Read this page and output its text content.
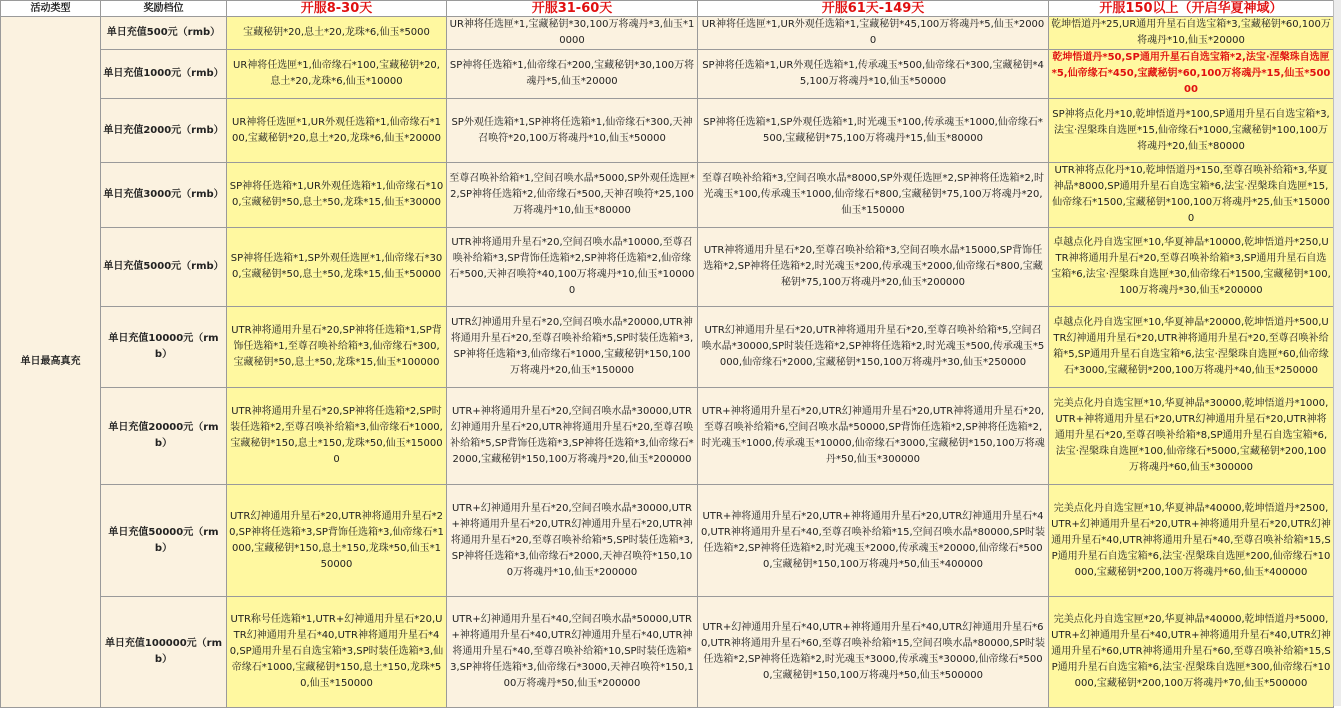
活动类型	奖励档位	开服8-30天	开服31-60天	开服61天-149天	开服150以上（开启华夏神域）
单日最高真充	单日充值500元（rmb）	宝藏秘钥*20,息土*20,龙珠*6,仙玉*5000	UR神将任选匣*1,宝藏秘钥*30,100万将魂丹*3,仙玉*10000	UR神将任选匣*1,UR外观任选箱*1,宝藏秘钥*45,100万将魂丹*5,仙玉*20000	乾坤悟道丹*25,UR通用升星石自选宝箱*3,宝藏秘钥*60,100万将魂丹*10,仙玉*20000
	单日充值1000元（rmb）	UR神将任选匣*1,仙帝缘石*100,宝藏秘钥*20,息土*20,龙珠*6,仙玉*10000	SP神将任选箱*1,仙帝缘石*200,宝藏秘钥*30,100万将魂丹*5,仙玉*20000	SP神将任选箱*1,UR外观任选箱*1,传承魂玉*500,仙帝缘石*300,宝藏秘钥*45,100万将魂丹*10,仙玉*50000	乾坤悟道丹*50,SP通用升星石自选宝箱*2,法宝·涅槃珠自选匣*5,仙帝缘石*450,宝藏秘钥*60,100万将魂丹*15,仙玉*50000
	单日充值2000元（rmb）	UR神将任选匣*1,UR外观任选箱*1,仙帝缘石*100,宝藏秘钥*20,息土*20,龙珠*6,仙玉*20000	SP外观任选箱*1,SP神将任选箱*1,仙帝缘石*300,天神召唤符*20,100万将魂丹*10,仙玉*50000	SP神将任选箱*1,SP外观任选箱*1,时光魂玉*100,传承魂玉*1000,仙帝缘石*500,宝藏秘钥*75,100万将魂丹*15,仙玉*80000	SP神将点化丹*10,乾坤悟道丹*100,SP通用升星石自选宝箱*3,法宝·涅槃珠自选匣*15,仙帝缘石*1000,宝藏秘钥*100,100万将魂丹*20,仙玉*80000
	单日充值3000元（rmb）	SP神将任选箱*1,UR外观任选箱*1,仙帝缘石*100,宝藏秘钥*50,息土*50,龙珠*15,仙玉*30000	至尊召唤补给箱*1,空间召唤水晶*5000,SP外观任选匣*2,SP神将任选箱*2,仙帝缘石*500,天神召唤符*25,100万将魂丹*10,仙玉*80000	至尊召唤补给箱*3,空间召唤水晶*8000,SP外观任选匣*2,SP神将任选箱*2,时光魂玉*100,传承魂玉*1000,仙帝缘石*800,宝藏秘钥*75,100万将魂丹*20,仙玉*150000	UTR神将点化丹*10,乾坤悟道丹*150,至尊召唤补给箱*3,华夏神晶*8000,SP通用升星石自选宝箱*6,法宝·涅槃珠自选匣*15,仙帝缘石*1500,宝藏秘钥*100,100万将魂丹*25,仙玉*150000
	单日充值5000元（rmb）	SP神将任选箱*1,SP外观任选匣*1,仙帝缘石*300,宝藏秘钥*50,息土*50,龙珠*15,仙玉*50000	UTR神将通用升星石*20,空间召唤水晶*10000,至尊召唤补给箱*3,SP背饰任选箱*2,SP神将任选箱*2,仙帝缘石*500,天神召唤符*40,100万将魂丹*10,仙玉*100000	UTR神将通用升星石*20,至尊召唤补给箱*3,空间召唤水晶*15000,SP背饰任选箱*2,SP神将任选箱*2,时光魂玉*200,传承魂玉*2000,仙帝缘石*800,宝藏秘钥*75,100万将魂丹*20,仙玉*200000	卓越点化丹自选宝匣*10,华夏神晶*10000,乾坤悟道丹*250,UTR神将通用升星石*20,至尊召唤补给箱*3,SP通用升星石自选宝箱*6,法宝·涅槃珠自选匣*30,仙帝缘石*1500,宝藏秘钥*100,100万将魂丹*30,仙玉*200000
	单日充值10000元（rmb）	UTR神将通用升星石*20,SP神将任选箱*1,SP背饰任选箱*1,至尊召唤补给箱*3,仙帝缘石*300,宝藏秘钥*50,息土*50,龙珠*15,仙玉*100000	UTR幻神通用升星石*20,空间召唤水晶*20000,UTR神将通用升星石*20,至尊召唤补给箱*5,SP时装任选箱*3,SP神将任选箱*3,仙帝缘石*1000,宝藏秘钥*150,100万将魂丹*20,仙玉*150000	UTR幻神通用升星石*20,UTR神将通用升星石*20,至尊召唤补给箱*5,空间召唤水晶*30000,SP时装任选箱*2,SP神将任选箱*2,时光魂玉*500,传承魂玉*5000,仙帝缘石*2000,宝藏秘钥*150,100万将魂丹*30,仙玉*250000	卓越点化丹自选宝匣*10,华夏神晶*20000,乾坤悟道丹*500,UTR幻神通用升星石*20,UTR神将通用升星石*20,至尊召唤补给箱*5,SP通用升星石自选宝箱*6,法宝·涅槃珠自选匣*60,仙帝缘石*3000,宝藏秘钥*200,100万将魂丹*40,仙玉*250000
	单日充值20000元（rmb）	UTR神将通用升星石*20,SP神将任选箱*2,SP时装任选箱*2,至尊召唤补给箱*3,仙帝缘石*1000,宝藏秘钥*150,息土*150,龙珠*50,仙玉*150000	UTR+神将通用升星石*20,空间召唤水晶*30000,UTR幻神通用升星石*20,UTR神将通用升星石*20,至尊召唤补给箱*5,SP背饰任选箱*3,SP神将任选箱*3,仙帝缘石*2000,宝藏秘钥*150,100万将魂丹*20,仙玉*200000	UTR+神将通用升星石*20,UTR幻神通用升星石*20,UTR神将通用升星石*20,至尊召唤补给箱*6,空间召唤水晶*50000,SP背饰任选箱*2,SP神将任选箱*2,时光魂玉*1000,传承魂玉*10000,仙帝缘石*3000,宝藏秘钥*150,100万将魂丹*50,仙玉*300000	完美点化丹自选宝匣*10,华夏神晶*30000,乾坤悟道丹*1000,UTR+神将通用升星石*20,UTR幻神通用升星石*20,UTR神将通用升星石*20,至尊召唤补给箱*8,SP通用升星石自选宝箱*6,法宝·涅槃珠自选匣*100,仙帝缘石*5000,宝藏秘钥*200,100万将魂丹*60,仙玉*300000
	单日充值50000元（rmb）	UTR幻神通用升星石*20,UTR神将通用升星石*20,SP神将任选箱*3,SP背饰任选箱*3,仙帝缘石*1000,宝藏秘钥*150,息土*150,龙珠*50,仙玉*150000	UTR+幻神通用升星石*20,空间召唤水晶*30000,UTR+神将通用升星石*20,UTR幻神通用升星石*20,UTR神将通用升星石*20,至尊召唤补给箱*5,SP时装任选箱*3,SP神将任选箱*3,仙帝缘石*2000,天神召唤符*150,100万将魂丹*10,仙玉*200000	UTR+神将通用升星石*20,UTR+神将通用升星石*20,UTR幻神通用升星石*40,UTR神将通用升星石*40,至尊召唤补给箱*15,空间召唤水晶*80000,SP时装任选箱*2,SP神将任选箱*2,时光魂玉*2000,传承魂玉*20000,仙帝缘石*5000,宝藏秘钥*150,100万将魂丹*50,仙玉*400000	完美点化丹自选宝匣*10,华夏神晶*40000,乾坤悟道丹*2500,UTR+幻神通用升星石*20,UTR+神将通用升星石*20,UTR幻神通用升星石*40,UTR神将通用升星石*40,至尊召唤补给箱*15,SP通用升星石自选宝箱*6,法宝·涅槃珠自选匣*200,仙帝缘石*10000,宝藏秘钥*200,100万将魂丹*60,仙玉*400000
	单日充值100000元（rmb）	UTR称号任选箱*1,UTR+幻神通用升星石*20,UTR幻神通用升星石*40,UTR神将通用升星石*40,SP通用升星石自选宝箱*3,SP时装任选箱*3,仙帝缘石*1000,宝藏秘钥*150,息土*150,龙珠*50,仙玉*150000	UTR+幻神通用升星石*40,空间召唤水晶*50000,UTR+神将通用升星石*40,UTR幻神通用升星石*40,UTR神将通用升星石*40,至尊召唤补给箱*10,SP时装任选箱*3,SP神将任选箱*3,仙帝缘石*3000,天神召唤符*150,100万将魂丹*50,仙玉*200000	UTR+幻神通用升星石*40,UTR+神将通用升星石*40,UTR幻神通用升星石*60,UTR神将通用升星石*60,至尊召唤补给箱*15,空间召唤水晶*80000,SP时装任选箱*2,SP神将任选箱*2,时光魂玉*3000,传承魂玉*30000,仙帝缘石*5000,宝藏秘钥*150,100万将魂丹*50,仙玉*500000	完美点化丹自选宝匣*20,华夏神晶*40000,乾坤悟道丹*5000,UTR+幻神通用升星石*40,UTR+神将通用升星石*40,UTR幻神通用升星石*60,UTR神将通用升星石*60,至尊召唤补给箱*15,SP通用升星石自选宝箱*6,法宝·涅槃珠自选匣*300,仙帝缘石*10000,宝藏秘钥*200,100万将魂丹*70,仙玉*500000
